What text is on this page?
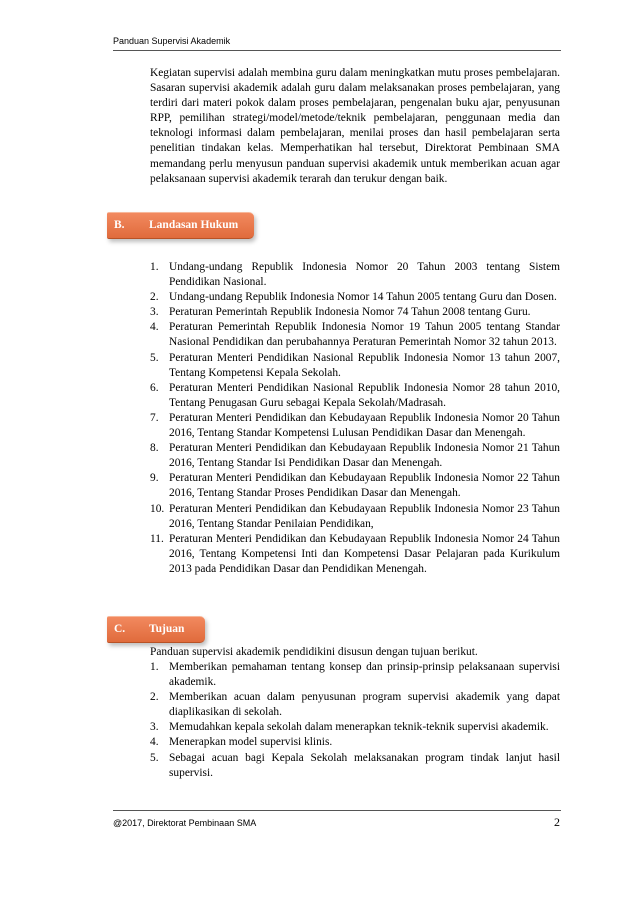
Panduan Supervisi Akademik

Kegiatan supervisi adalah membina guru dalam meningkatkan mutu proses pembelajaran. Sasaran supervisi akademik adalah guru dalam melaksanakan proses pembelajaran, yang terdiri dari materi pokok dalam proses pembelajaran, pengenalan buku ajar, penyusunan RPP, pemilihan strategi/model/metode/teknik pembelajaran, penggunaan media dan teknologi informasi dalam pembelajaran, menilai proses dan hasil pembelajaran serta penelitian tindakan kelas. Memperhatikan hal tersebut, Direktorat Pembinaan SMA memandang perlu menyusun panduan supervisi akademik untuk memberikan acuan agar pelaksanaan supervisi akademik terarah dan terukur dengan baik.

B. Landasan Hukum
1. Undang-undang Republik Indonesia Nomor 20 Tahun 2003 tentang Sistem Pendidikan Nasional.
2. Undang-undang Republik Indonesia Nomor 14 Tahun 2005 tentang Guru dan Dosen.
3. Peraturan Pemerintah Republik Indonesia Nomor 74 Tahun 2008 tentang Guru.
4. Peraturan Pemerintah Republik Indonesia Nomor 19 Tahun 2005 tentang Standar Nasional Pendidikan dan perubahannya Peraturan Pemerintah Nomor 32 tahun 2013.
5. Peraturan Menteri Pendidikan Nasional Republik Indonesia Nomor 13 tahun 2007, Tentang Kompetensi Kepala Sekolah.
6. Peraturan Menteri Pendidikan Nasional Republik Indonesia Nomor 28 tahun 2010, Tentang Penugasan Guru sebagai Kepala Sekolah/Madrasah.
7. Peraturan Menteri Pendidikan dan Kebudayaan Republik Indonesia Nomor 20 Tahun 2016, Tentang Standar Kompetensi Lulusan Pendidikan Dasar dan Menengah.
8. Peraturan Menteri Pendidikan dan Kebudayaan Republik Indonesia Nomor 21 Tahun 2016, Tentang Standar Isi Pendidikan Dasar dan Menengah.
9. Peraturan Menteri Pendidikan dan Kebudayaan Republik Indonesia Nomor 22 Tahun 2016, Tentang Standar Proses Pendidikan Dasar dan Menengah.
10. Peraturan Menteri Pendidikan dan Kebudayaan Republik Indonesia Nomor 23 Tahun 2016, Tentang Standar Penilaian Pendidikan,
11. Peraturan Menteri Pendidikan dan Kebudayaan Republik Indonesia Nomor 24 Tahun 2016, Tentang Kompetensi Inti dan Kompetensi Dasar Pelajaran pada Kurikulum 2013 pada Pendidikan Dasar dan Pendidikan Menengah.
C. Tujuan

Panduan supervisi akademik pendidikini disusun dengan tujuan berikut.

1. Memberikan pemahaman tentang konsep dan prinsip-prinsip pelaksanaan supervisi akademik.
2. Memberikan acuan dalam penyusunan program supervisi akademik yang dapat diaplikasikan di sekolah.
3. Memudahkan kepala sekolah dalam menerapkan teknik-teknik supervisi akademik.
4. Menerapkan model supervisi klinis.
5. Sebagai acuan bagi Kepala Sekolah melaksanakan program tindak lanjut hasil supervisi.
@2017, Direktorat Pembinaan SMA	2
